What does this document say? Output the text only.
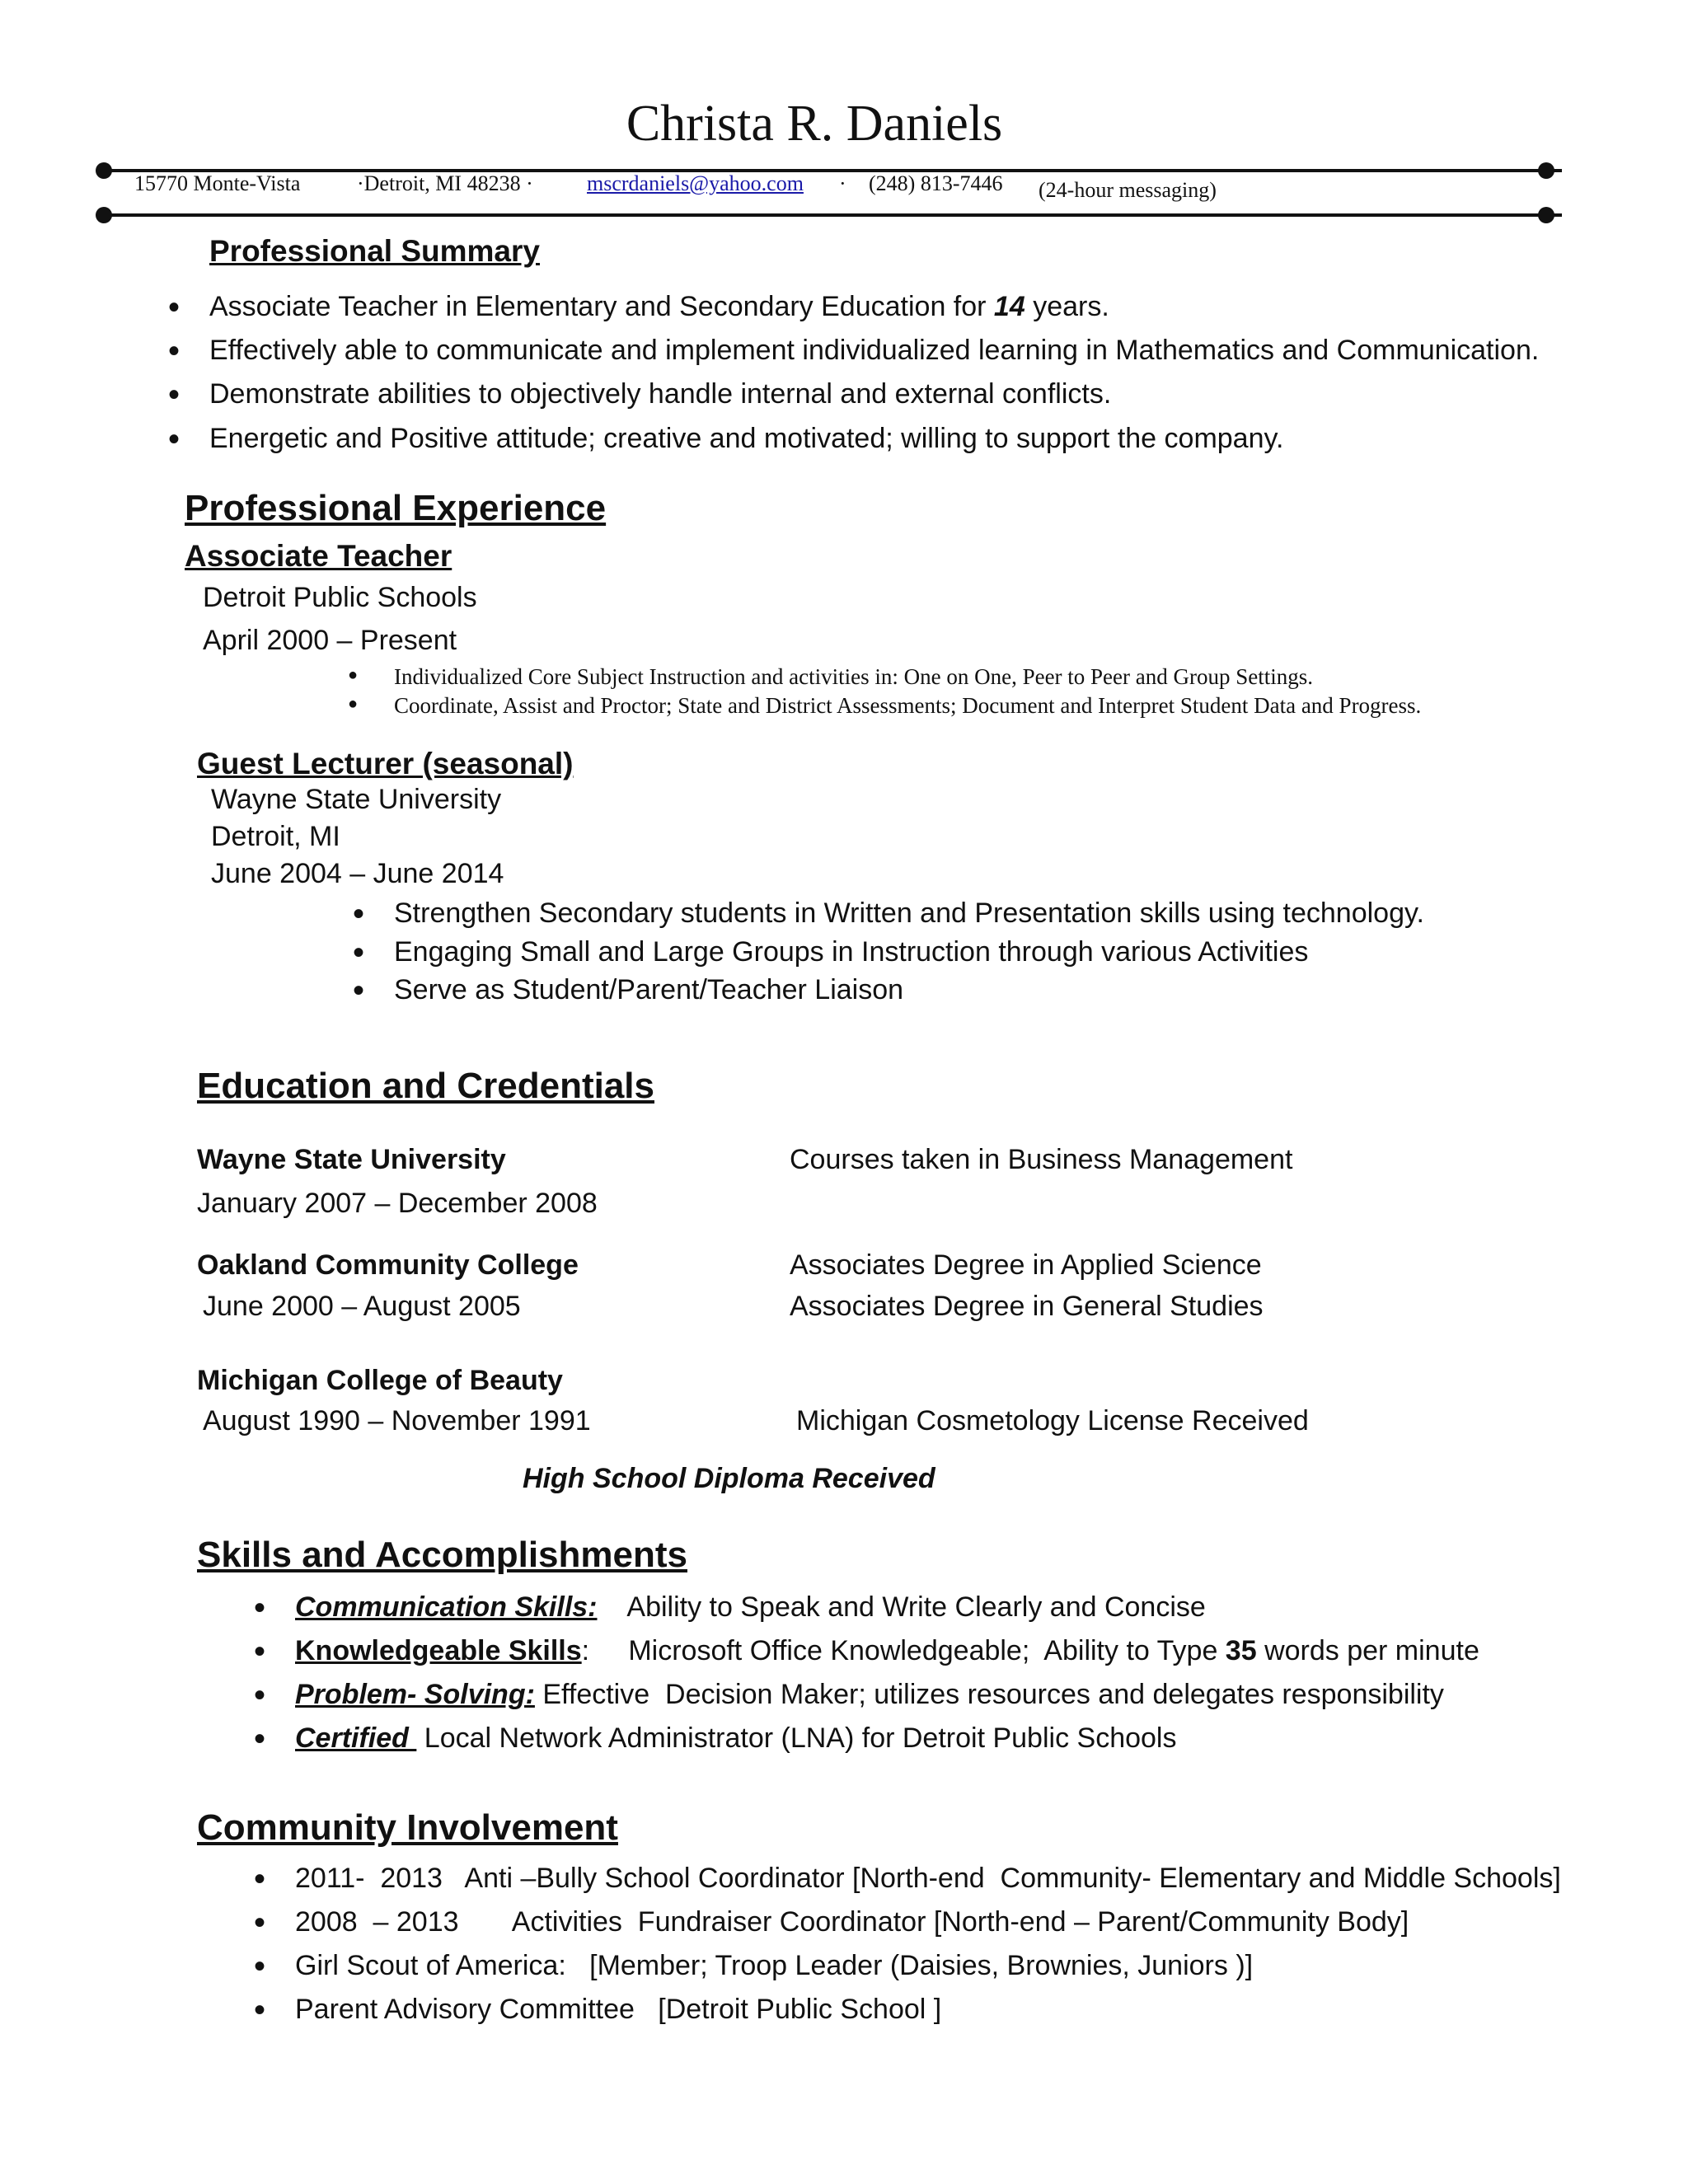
Christa R. Daniels
15770 Monte-Vista	·Detroit, MI 48238 ·	mscrdaniels@yahoo.com · (248) 813-7446 (24-hour messaging)
Professional Summary
• Associate Teacher in Elementary and Secondary Education for 14 years.
• Effectively able to communicate and implement individualized learning in Mathematics and Communication.
• Demonstrate abilities to objectively handle internal and external conflicts.
• Energetic and Positive attitude; creative and motivated; willing to support the company.
Professional Experience
Associate Teacher
Detroit Public Schools
April 2000 – Present
● Individualized Core Subject Instruction and activities in: One on One, Peer to Peer and Group Settings.
● Coordinate, Assist and Proctor; State and District Assessments; Document and Interpret Student Data and Progress.
Guest Lecturer (seasonal)
Wayne State University
Detroit, MI
June 2004 – June 2014
• Strengthen Secondary students in Written and Presentation skills using technology.
• Engaging Small and Large Groups in Instruction through various Activities
• Serve as Student/Parent/Teacher Liaison
Education and Credentials
Wayne State University	Courses taken in Business Management
January 2007 – December 2008
Oakland Community College	Associates Degree in Applied Science
June 2000 – August 2005	Associates Degree in General Studies
Michigan College of Beauty
August 1990 – November 1991	Michigan Cosmetology License Received
High School Diploma Received
Skills and Accomplishments
• Communication Skills:    Ability to Speak and Write Clearly and Concise
• Knowledgeable Skills:     Microsoft Office Knowledgeable;  Ability to Type 35 words per minute
• Problem- Solving: Effective  Decision Maker; utilizes resources and delegates responsibility
• Certified  Local Network Administrator (LNA) for Detroit Public Schools
Community Involvement
• 2011-  2013   Anti –Bully School Coordinator [North-end  Community- Elementary and Middle Schools]
• 2008  – 2013       Activities  Fundraiser Coordinator [North-end – Parent/Community Body]
• Girl Scout of America:   [Member; Troop Leader (Daisies, Brownies, Juniors )]
• Parent Advisory Committee   [Detroit Public School ]
